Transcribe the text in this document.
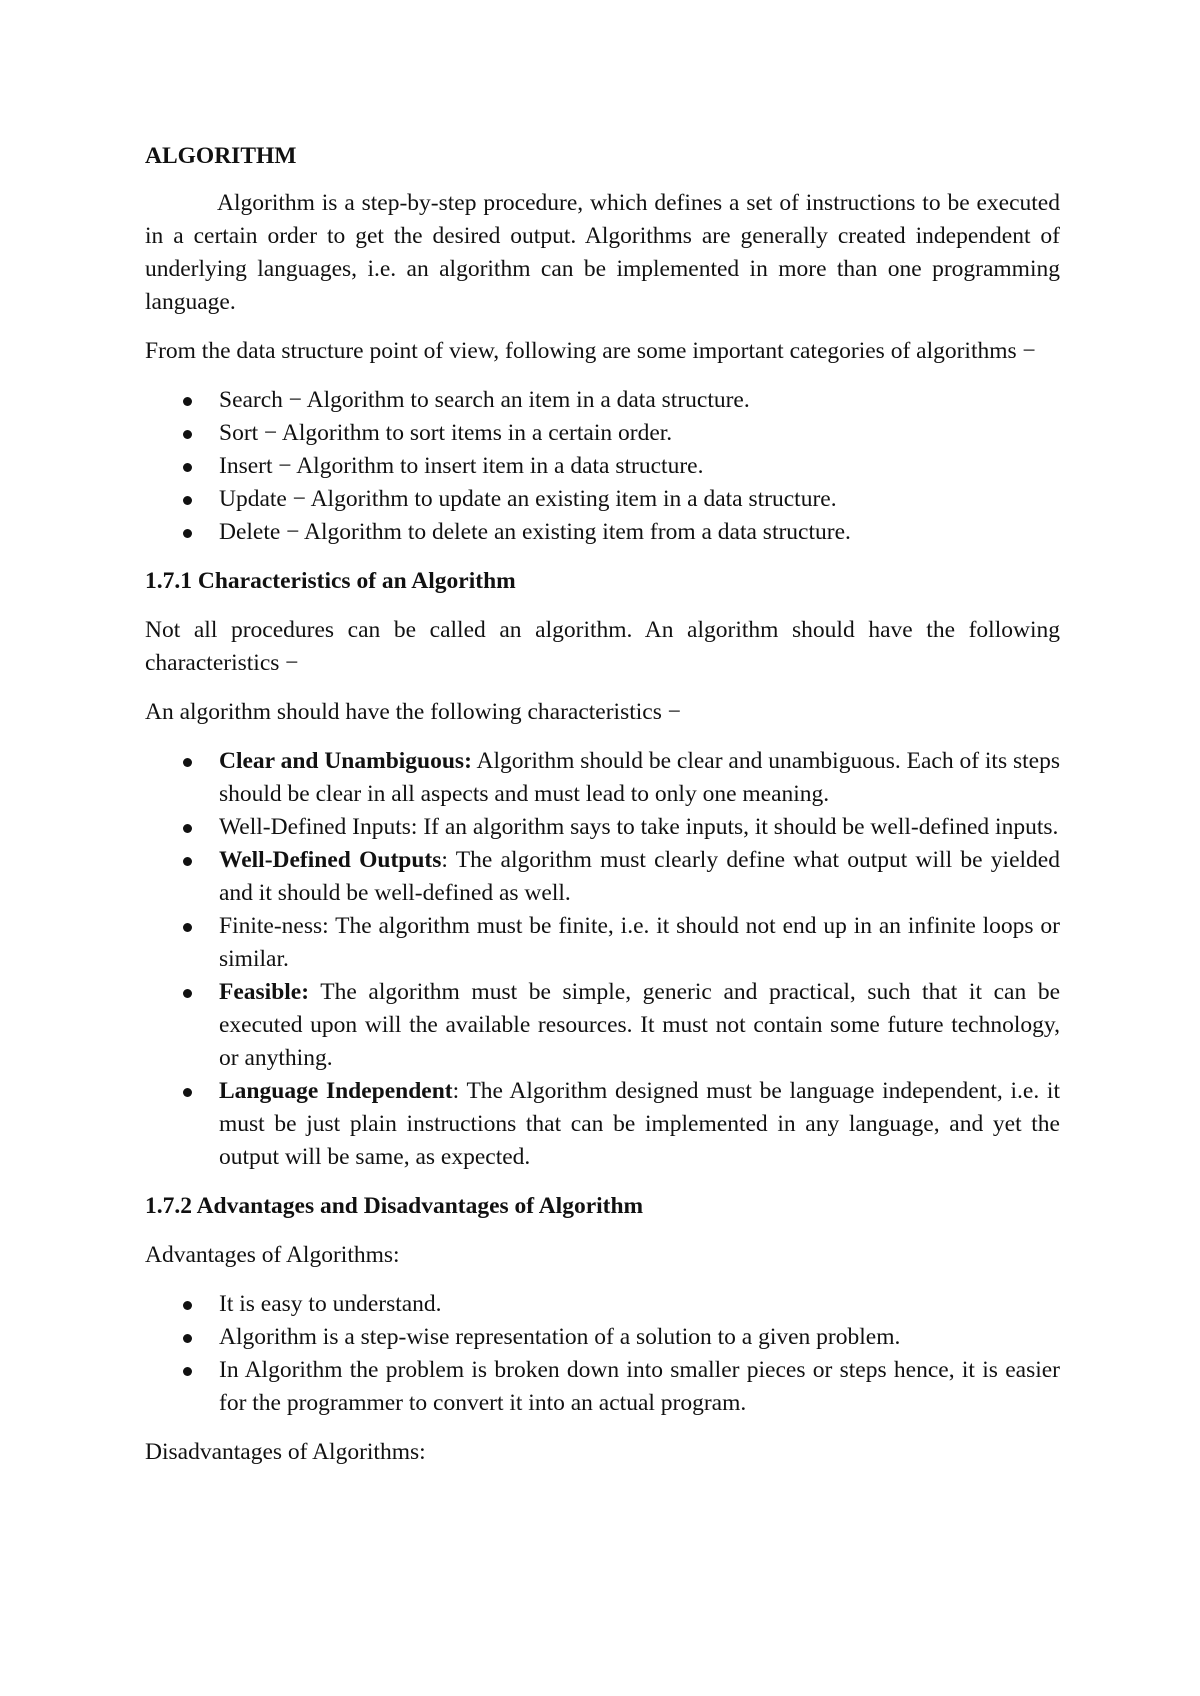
ALGORITHM

Algorithm is a step-by-step procedure, which defines a set of instructions to be executed in a certain order to get the desired output. Algorithms are generally created independent of underlying languages, i.e. an algorithm can be implemented in more than one programming language.

From the data structure point of view, following are some important categories of algorithms −

Search − Algorithm to search an item in a data structure.
Sort − Algorithm to sort items in a certain order.
Insert − Algorithm to insert item in a data structure.
Update − Algorithm to update an existing item in a data structure.
Delete − Algorithm to delete an existing item from a data structure.
1.7.1 Characteristics of an Algorithm

Not all procedures can be called an algorithm. An algorithm should have the following characteristics −

An algorithm should have the following characteristics −

Clear and Unambiguous: Algorithm should be clear and unambiguous. Each of its steps should be clear in all aspects and must lead to only one meaning.
Well-Defined Inputs: If an algorithm says to take inputs, it should be well-defined inputs.
Well-Defined Outputs: The algorithm must clearly define what output will be yielded and it should be well-defined as well.
Finite-ness: The algorithm must be finite, i.e. it should not end up in an infinite loops or similar.
Feasible: The algorithm must be simple, generic and practical, such that it can be executed upon will the available resources. It must not contain some future technology, or anything.
Language Independent: The Algorithm designed must be language independent, i.e. it must be just plain instructions that can be implemented in any language, and yet the output will be same, as expected.
1.7.2 Advantages and Disadvantages of Algorithm

Advantages of Algorithms:

It is easy to understand.
Algorithm is a step-wise representation of a solution to a given problem.
In Algorithm the problem is broken down into smaller pieces or steps hence, it is easier for the programmer to convert it into an actual program.

Disadvantages of Algorithms:
